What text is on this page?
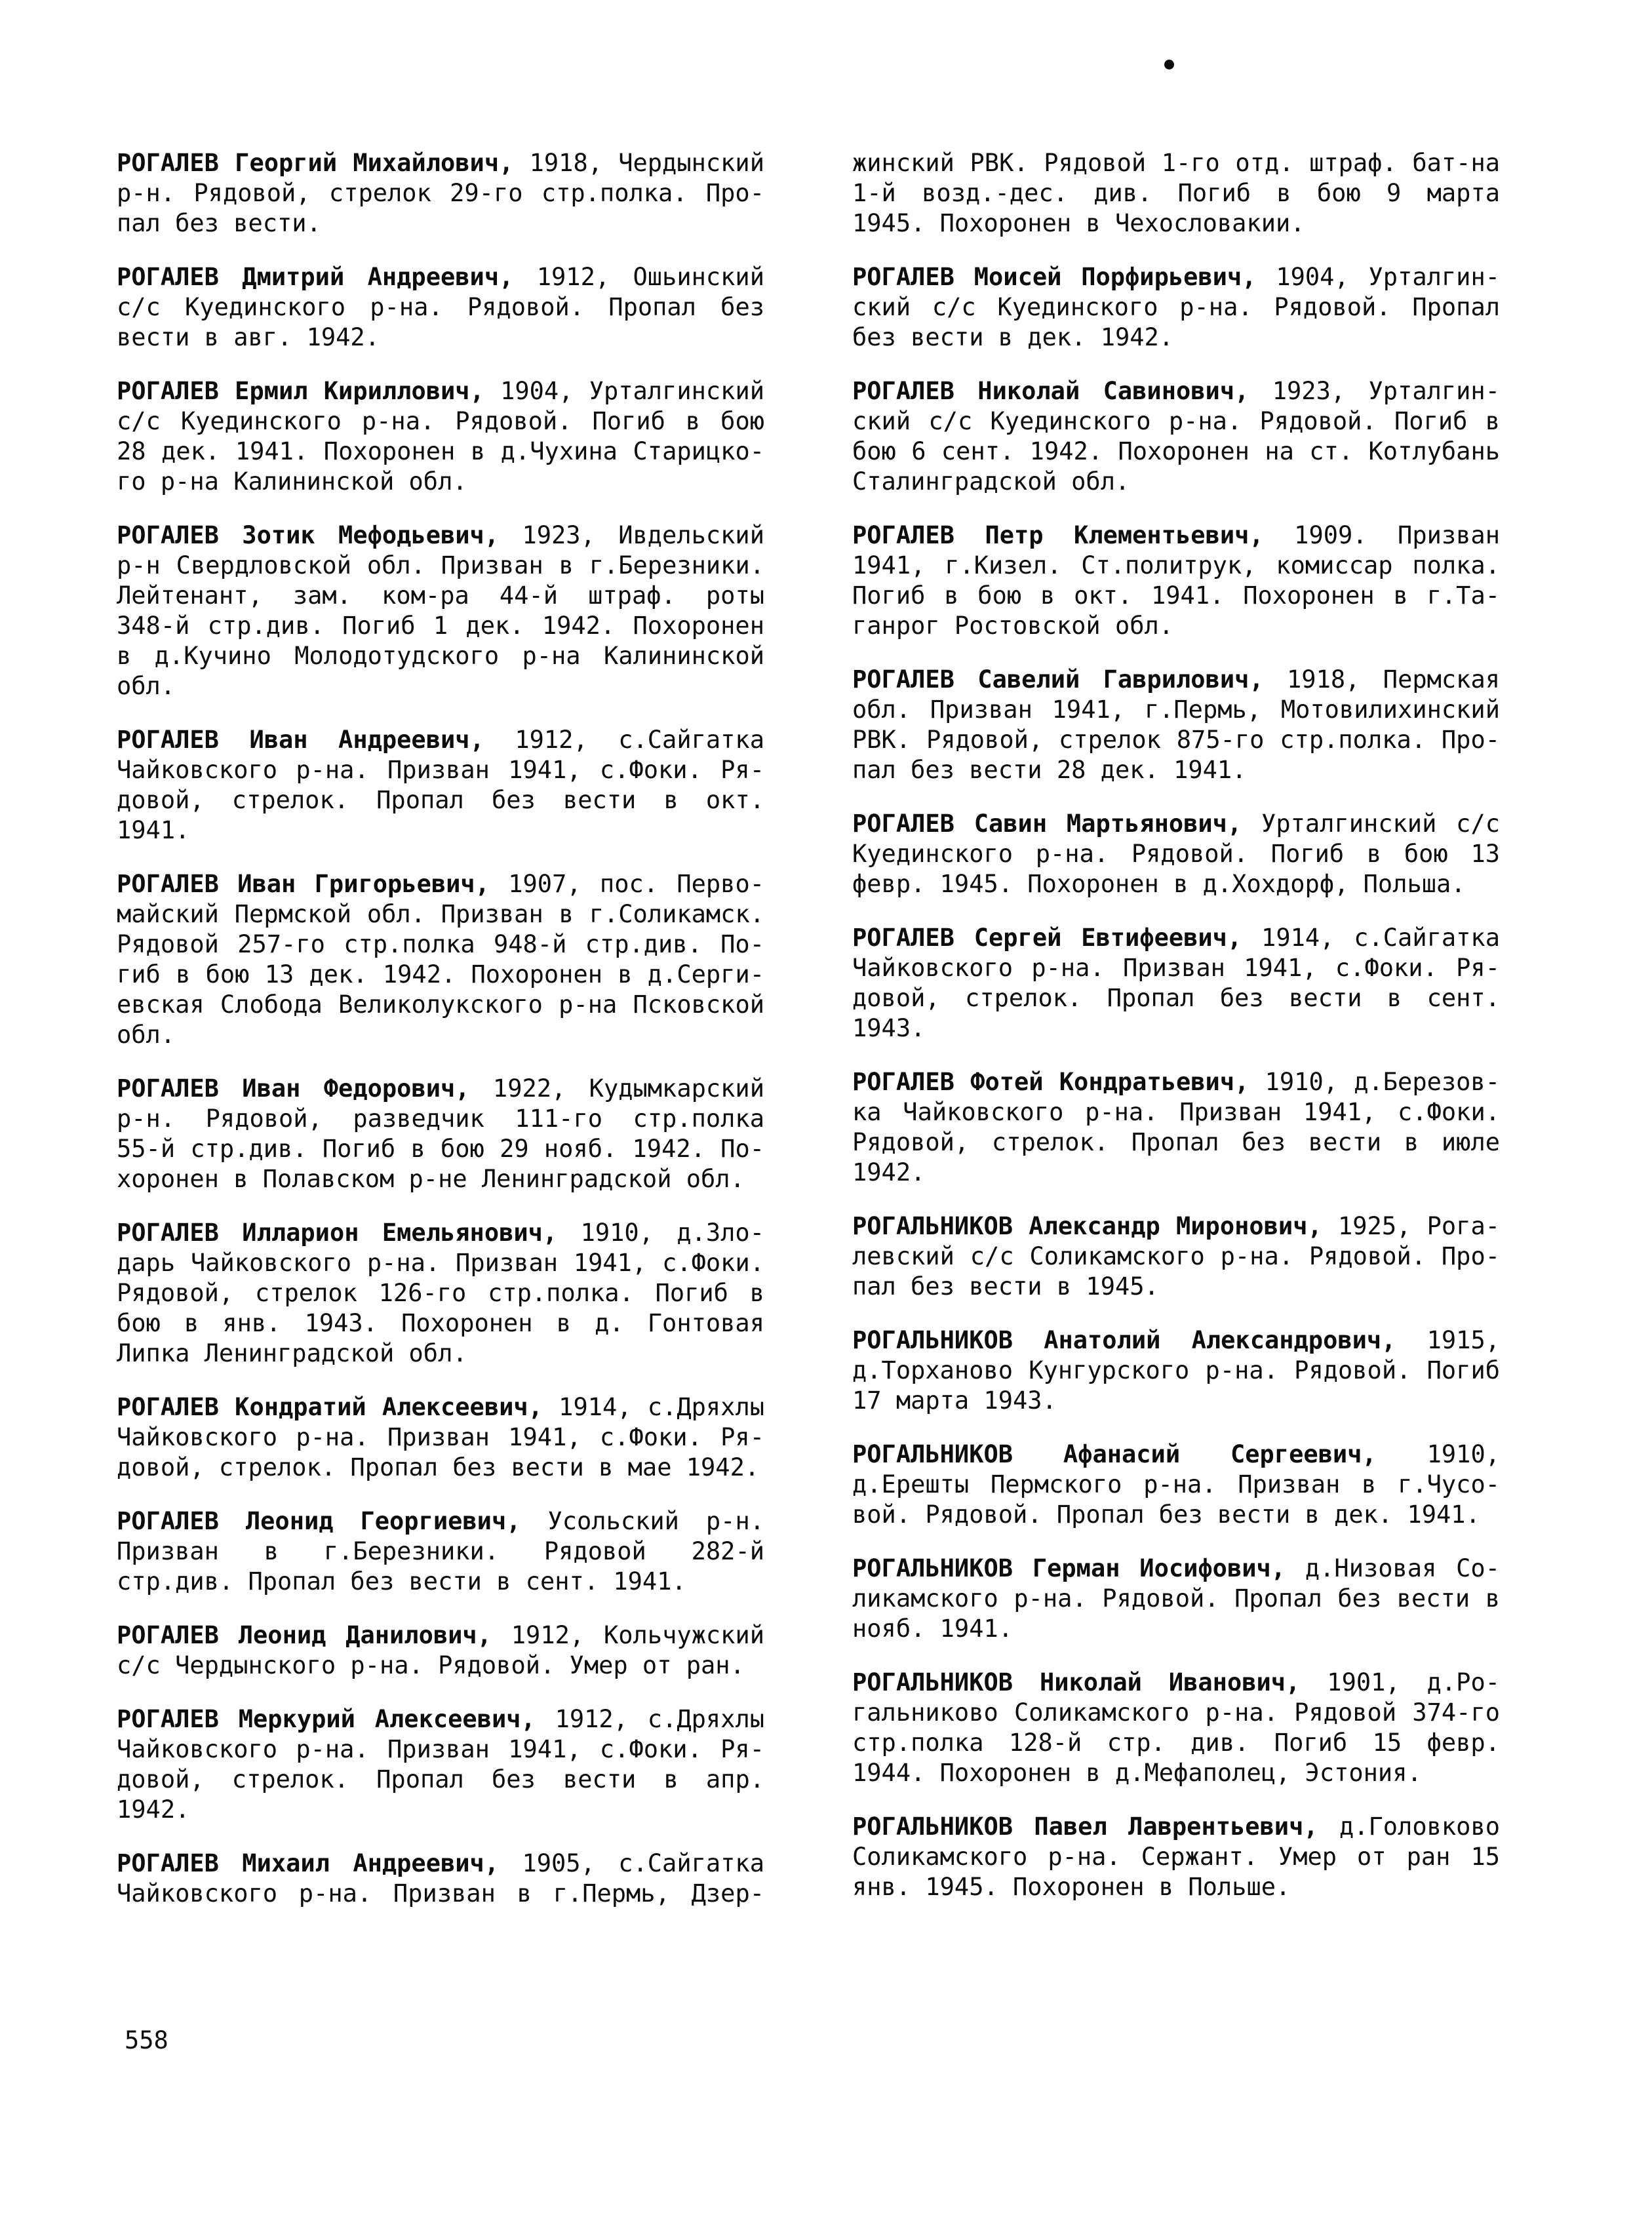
РОГАЛЕВ Георгий Михайлович, 1918, Чердынский
р-н. Рядовой, стрелок 29-го стр.полка. Про-
пал без вести.

РОГАЛЕВ Дмитрий Андреевич, 1912, Ошьинский
с/с Куединского р-на. Рядовой. Пропал без
вести в авг. 1942.

РОГАЛЕВ Ермил Кириллович, 1904, Урталгинский
с/с Куединского р-на. Рядовой. Погиб в бою
28 дек. 1941. Похоронен в д.Чухина Старицко-
го р-на Калининской обл.

РОГАЛЕВ Зотик Мефодьевич, 1923, Ивдельский
р-н Свердловской обл. Призван в г.Березники.
Лейтенант, зам. ком-ра 44-й штраф. роты
348-й стр.див. Погиб 1 дек. 1942. Похоронен
в д.Кучино Молодотудского р-на Калининской
обл.

РОГАЛЕВ Иван Андреевич, 1912, с.Сайгатка
Чайковского р-на. Призван 1941, с.Фоки. Ря-
довой, стрелок. Пропал без вести в окт.
1941.

РОГАЛЕВ Иван Григорьевич, 1907, пос. Перво-
майский Пермской обл. Призван в г.Соликамск.
Рядовой 257-го стр.полка 948-й стр.див. По-
гиб в бою 13 дек. 1942. Похоронен в д.Серги-
евская Слобода Великолукского р-на Псковской
обл.

РОГАЛЕВ Иван Федорович, 1922, Кудымкарский
р-н. Рядовой, разведчик 111-го стр.полка
55-й стр.див. Погиб в бою 29 нояб. 1942. По-
хоронен в Полавском р-не Ленинградской обл.

РОГАЛЕВ Илларион Емельянович, 1910, д.Зло-
дарь Чайковского р-на. Призван 1941, с.Фоки.
Рядовой, стрелок 126-го стр.полка. Погиб в
бою в янв. 1943. Похоронен в д. Гонтовая
Липка Ленинградской обл.

РОГАЛЕВ Кондратий Алексеевич, 1914, с.Дряхлы
Чайковского р-на. Призван 1941, с.Фоки. Ря-
довой, стрелок. Пропал без вести в мае 1942.

РОГАЛЕВ Леонид Георгиевич, Усольский р-н.
Призван в г.Березники. Рядовой 282-й
стр.див. Пропал без вести в сент. 1941.

РОГАЛЕВ Леонид Данилович, 1912, Кольчужский
с/с Чердынского р-на. Рядовой. Умер от ран.

РОГАЛЕВ Меркурий Алексеевич, 1912, с.Дряхлы
Чайковского р-на. Призван 1941, с.Фоки. Ря-
довой, стрелок. Пропал без вести в апр.
1942.

РОГАЛЕВ Михаил Андреевич, 1905, с.Сайгатка
Чайковского р-на. Призван в г.Пермь, Дзер-

жинский РВК. Рядовой 1-го отд. штраф. бат-на
1-й возд.-дес. див. Погиб в бою 9 марта
1945. Похоронен в Чехословакии.

РОГАЛЕВ Моисей Порфирьевич, 1904, Урталгин-
ский с/с Куединского р-на. Рядовой. Пропал
без вести в дек. 1942.

РОГАЛЕВ Николай Савинович, 1923, Урталгин-
ский с/с Куединского р-на. Рядовой. Погиб в
бою 6 сент. 1942. Похоронен на ст. Котлубань
Сталинградской обл.

РОГАЛЕВ Петр Клементьевич, 1909. Призван
1941, г.Кизел. Ст.политрук, комиссар полка.
Погиб в бою в окт. 1941. Похоронен в г.Та-
ганрог Ростовской обл.

РОГАЛЕВ Савелий Гаврилович, 1918, Пермская
обл. Призван 1941, г.Пермь, Мотовилихинский
РВК. Рядовой, стрелок 875-го стр.полка. Про-
пал без вести 28 дек. 1941.

РОГАЛЕВ Савин Мартьянович, Урталгинский с/с
Куединского р-на. Рядовой. Погиб в бою 13
февр. 1945. Похоронен в д.Хохдорф, Польша.

РОГАЛЕВ Сергей Евтифеевич, 1914, с.Сайгатка
Чайковского р-на. Призван 1941, с.Фоки. Ря-
довой, стрелок. Пропал без вести в сент.
1943.

РОГАЛЕВ Фотей Кондратьевич, 1910, д.Березов-
ка Чайковского р-на. Призван 1941, с.Фоки.
Рядовой, стрелок. Пропал без вести в июле
1942.

РОГАЛЬНИКОВ Александр Миронович, 1925, Рога-
левский с/с Соликамского р-на. Рядовой. Про-
пал без вести в 1945.

РОГАЛЬНИКОВ Анатолий Александрович, 1915,
д.Торханово Кунгурского р-на. Рядовой. Погиб
17 марта 1943.

РОГАЛЬНИКОВ Афанасий Сергеевич, 1910,
д.Ерешты Пермского р-на. Призван в г.Чусо-
вой. Рядовой. Пропал без вести в дек. 1941.

РОГАЛЬНИКОВ Герман Иосифович, д.Низовая Со-
ликамского р-на. Рядовой. Пропал без вести в
нояб. 1941.

РОГАЛЬНИКОВ Николай Иванович, 1901, д.Ро-
гальниково Соликамского р-на. Рядовой 374-го
стр.полка 128-й стр. див. Погиб 15 февр.
1944. Похоронен в д.Мефаполец, Эстония.

РОГАЛЬНИКОВ Павел Лаврентьевич, д.Головково
Соликамского р-на. Сержант. Умер от ран 15
янв. 1945. Похоронен в Польше.

558
